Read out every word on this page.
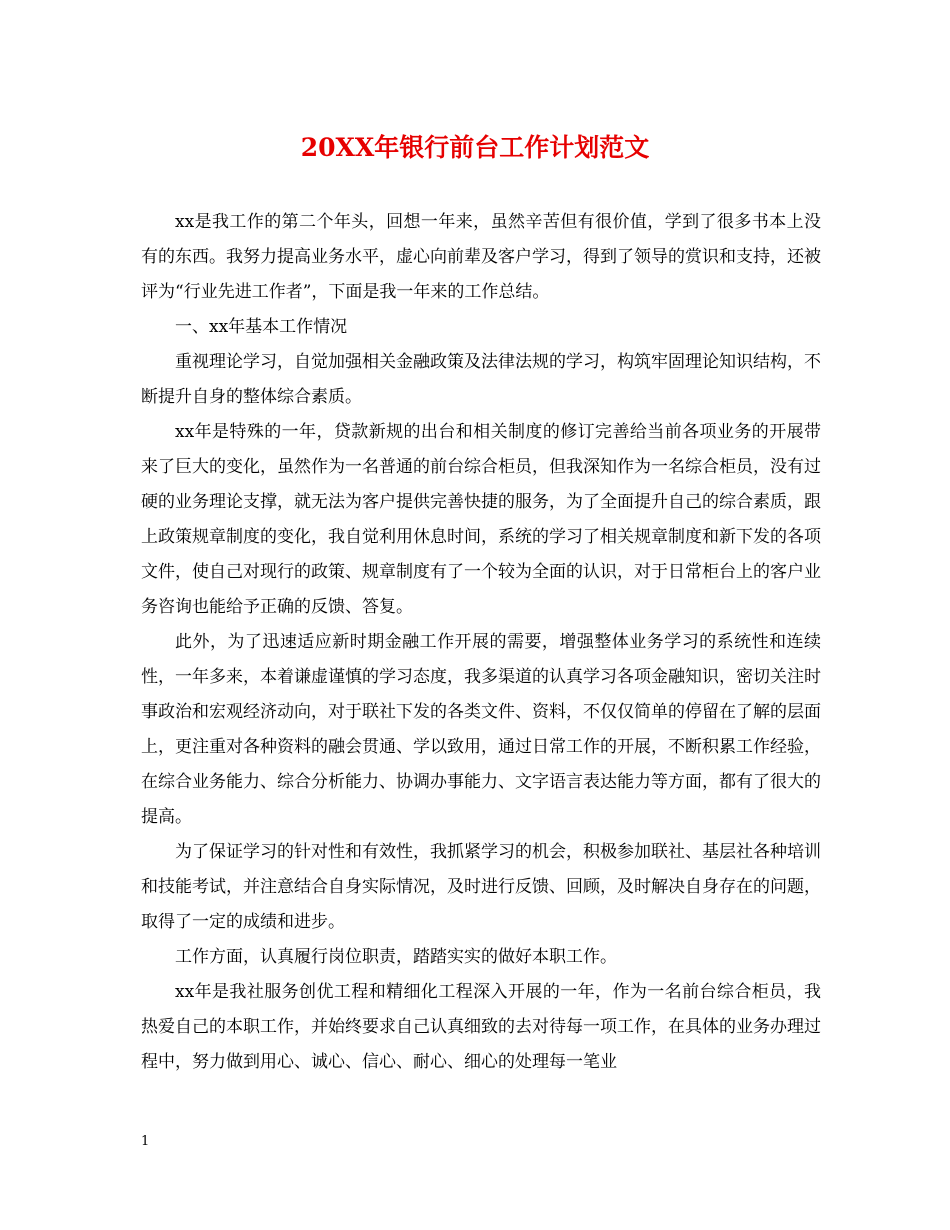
20XX年银行前台工作计划范文

xx是我工作的第二个年头，回想一年来，虽然辛苦但有很价值，学到了很多书本上没有的东西。我努力提高业务水平，虚心向前辈及客户学习，得到了领导的赏识和支持，还被评为“行业先进工作者”，下面是我一年来的工作总结。

一、xx年基本工作情况

重视理论学习，自觉加强相关金融政策及法律法规的学习，构筑牢固理论知识结构，不断提升自身的整体综合素质。

xx年是特殊的一年，贷款新规的出台和相关制度的修订完善给当前各项业务的开展带来了巨大的变化，虽然作为一名普通的前台综合柜员，但我深知作为一名综合柜员，没有过硬的业务理论支撑，就无法为客户提供完善快捷的服务，为了全面提升自己的综合素质，跟上政策规章制度的变化，我自觉利用休息时间，系统的学习了相关规章制度和新下发的各项文件，使自己对现行的政策、规章制度有了一个较为全面的认识，对于日常柜台上的客户业务咨询也能给予正确的反馈、答复。

此外，为了迅速适应新时期金融工作开展的需要，增强整体业务学习的系统性和连续性，一年多来，本着谦虚谨慎的学习态度，我多渠道的认真学习各项金融知识，密切关注时事政治和宏观经济动向，对于联社下发的各类文件、资料，不仅仅简单的停留在了解的层面上，更注重对各种资料的融会贯通、学以致用，通过日常工作的开展，不断积累工作经验，在综合业务能力、综合分析能力、协调办事能力、文字语言表达能力等方面，都有了很大的提高。

为了保证学习的针对性和有效性，我抓紧学习的机会，积极参加联社、基层社各种培训和技能考试，并注意结合自身实际情况，及时进行反馈、回顾，及时解决自身存在的问题，取得了一定的成绩和进步。

工作方面，认真履行岗位职责，踏踏实实的做好本职工作。

xx年是我社服务创优工程和精细化工程深入开展的一年，作为一名前台综合柜员，我热爱自己的本职工作，并始终要求自己认真细致的去对待每一项工作，在具体的业务办理过程中，努力做到用心、诚心、信心、耐心、细心的处理每一笔业

1
